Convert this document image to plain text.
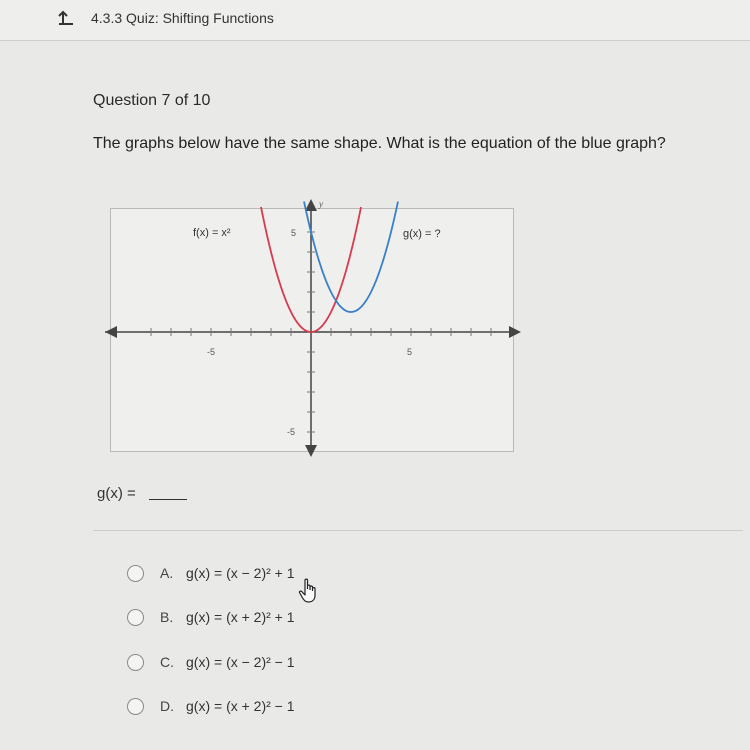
4.3.3 Quiz: Shifting Functions
Question 7 of 10
The graphs below have the same shape. What is the equation of the blue graph?
y
-5	5
5
-5
f(x) = x²	g(x) = ?
g(x) =
A. g(x) = (x − 2)² + 1
B. g(x) = (x + 2)² + 1
C. g(x) = (x − 2)² − 1
D. g(x) = (x + 2)² − 1
